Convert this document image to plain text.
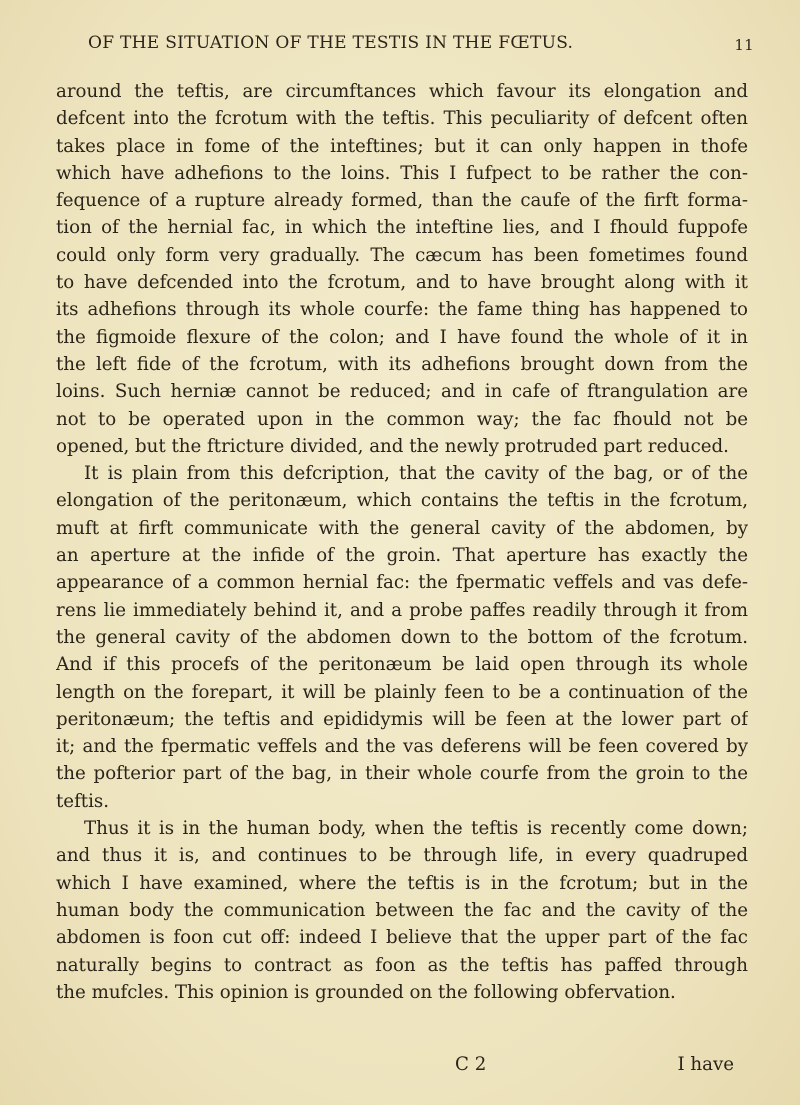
OF THE SITUATION OF THE TESTIS IN THE FŒTUS.	11
around the teftis, are circumftances which favour its elongation and
defcent into the fcrotum with the teftis. This peculiarity of defcent often
takes place in fome of the inteftines; but it can only happen in thofe
which have adhefions to the loins. This I fufpect to be rather the con-
fequence of a rupture already formed, than the caufe of the firft forma-
tion of the hernial fac, in which the inteftine lies, and I fhould fuppofe
could only form very gradually. The cæcum has been fometimes found
to have defcended into the fcrotum, and to have brought along with it
its adhefions through its whole courfe: the fame thing has happened to
the figmoide flexure of the colon; and I have found the whole of it in
the left fide of the fcrotum, with its adhefions brought down from the
loins. Such herniæ cannot be reduced; and in cafe of ftrangulation are
not to be operated upon in the common way; the fac fhould not be
opened, but the ftricture divided, and the newly protruded part reduced.
It is plain from this defcription, that the cavity of the bag, or of the
elongation of the peritonæum, which contains the teftis in the fcrotum,
muft at firft communicate with the general cavity of the abdomen, by
an aperture at the infide of the groin. That aperture has exactly the
appearance of a common hernial fac: the fpermatic veffels and vas defe-
rens lie immediately behind it, and a probe paffes readily through it from
the general cavity of the abdomen down to the bottom of the fcrotum.
And if this procefs of the peritonæum be laid open through its whole
length on the forepart, it will be plainly feen to be a continuation of the
peritonæum; the teftis and epididymis will be feen at the lower part of
it; and the fpermatic veffels and the vas deferens will be feen covered by
the pofterior part of the bag, in their whole courfe from the groin to the
teftis.
Thus it is in the human body, when the teftis is recently come down;
and thus it is, and continues to be through life, in every quadruped
which I have examined, where the teftis is in the fcrotum; but in the
human body the communication between the fac and the cavity of the
abdomen is foon cut off: indeed I believe that the upper part of the fac
naturally begins to contract as foon as the teftis has paffed through
the mufcles. This opinion is grounded on the following obfervation.
C 2	I have
